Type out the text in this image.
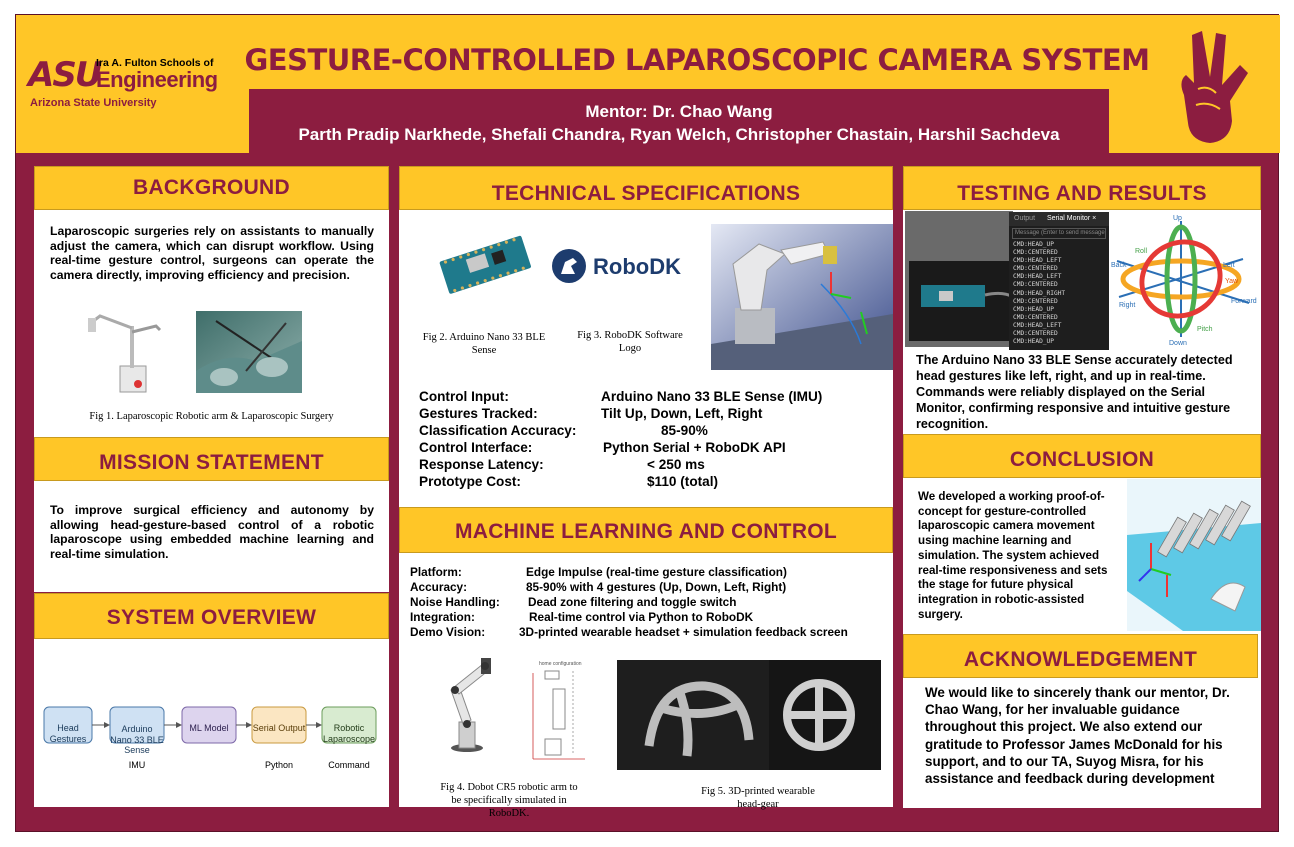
ASU
Ira A. Fulton Schools of
Engineering
Arizona State University
GESTURE-CONTROLLED LAPAROSCOPIC CAMERA SYSTEM
Mentor: Dr. Chao Wang
Parth Pradip Narkhede, Shefali Chandra, Ryan Welch, Christopher Chastain, Harshil Sachdeva
BACKGROUND
Laparoscopic surgeries rely on assistants to manually adjust the camera, which can disrupt workflow. Using real-time gesture control, surgeons can operate the camera directly, improving efficiency and precision.
Fig 1. Laparoscopic Robotic arm & Laparoscopic Surgery
MISSION STATEMENT
To improve surgical efficiency and autonomy by allowing head-gesture-based control of a robotic laparoscope using embedded machine learning and real-time simulation.
SYSTEM OVERVIEW
Head Gestures
Arduino Nano 33 BLE Sense
ML Model	Serial Output	Robotic Laparoscope
IMU	Python	Command
TECHNICAL SPECIFICATIONS
Fig 2. Arduino Nano 33 BLE Sense
RoboDK
Fig 3. RoboDK Software Logo
Control Input:	Arduino Nano 33 BLE Sense (IMU)
Gestures Tracked:	Tilt Up, Down, Left, Right
Classification Accuracy:	85-90%
Control Interface:	Python Serial + RoboDK API
Response Latency:	< 250 ms
Prototype Cost:	$110 (total)
MACHINE LEARNING AND CONTROL
Platform:	Edge Impulse (real-time gesture classification)
Accuracy:	85-90% with 4 gestures (Up, Down, Left, Right)
Noise Handling:	Dead zone filtering and toggle switch
Integration:	Real-time control via Python to RoboDK
Demo Vision:	3D-printed wearable headset + simulation feedback screen
home configuration
Fig 4. Dobot CR5 robotic arm to be specifically simulated in RoboDK.
Fig 5. 3D-printed wearable head-gear
TESTING AND RESULTS
Output Serial Monitor ×
Message (Enter to send message
CMD:HEAD_UP
CMD:CENTERED
CMD:HEAD_LEFT
CMD:CENTERED
CMD:HEAD_LEFT
CMD:CENTERED
CMD:HEAD_RIGHT
CMD:CENTERED
CMD:HEAD_UP
CMD:CENTERED
CMD:HEAD_LEFT
CMD:CENTERED
CMD:HEAD_UP
Up
Down
Left
Right
Back
Forward
Roll
Yaw
Pitch
The Arduino Nano 33 BLE Sense accurately detected head gestures like left, right, and up in real-time. Commands were reliably displayed on the Serial Monitor, confirming responsive and intuitive gesture recognition.
CONCLUSION
We developed a working proof-of-concept for gesture-controlled laparoscopic camera movement using machine learning and simulation. The system achieved real-time responsiveness and sets the stage for future physical integration in robotic-assisted surgery.
ACKNOWLEDGEMENT
We would like to sincerely thank our mentor, Dr. Chao Wang, for her invaluable guidance throughout this project. We also extend our gratitude to Professor James McDonald for his support, and to our TA, Suyog Misra, for his assistance and feedback during development
